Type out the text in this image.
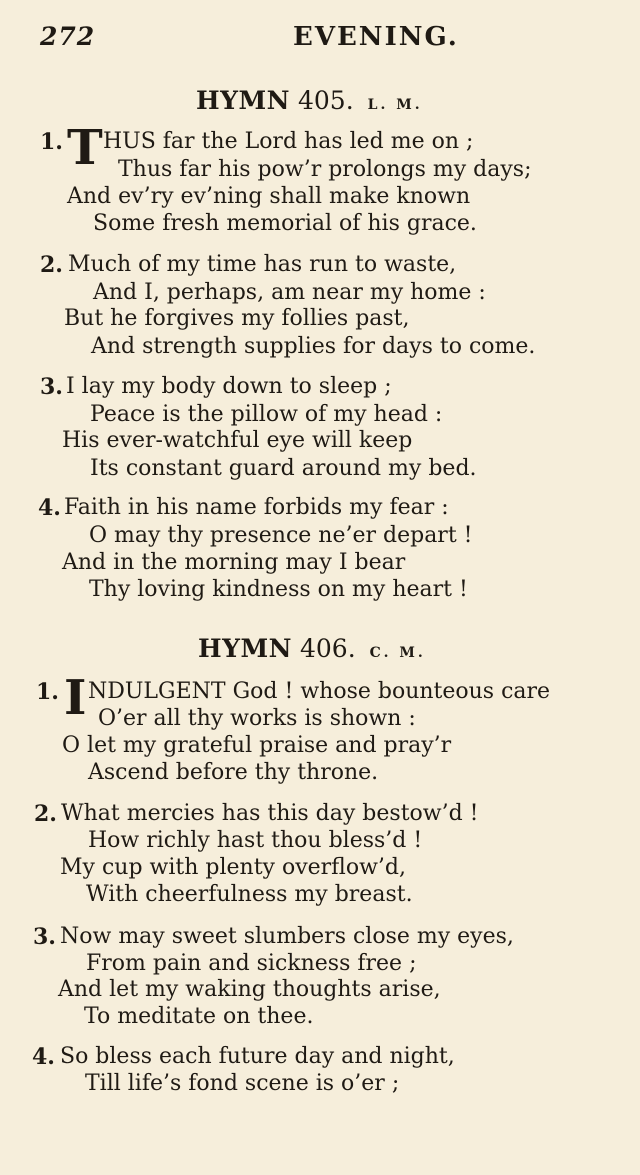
272	EVENING.
HYMN 405. L. M.
1. T HUS far the Lord has led me on ;
Thus far his pow’r prolongs my days;
And ev’ry ev’ning shall make known
Some fresh memorial of his grace.
2. Much of my time has run to waste,
And I, perhaps, am near my home :
But he forgives my follies past,
And strength supplies for days to come.
3. I lay my body down to sleep ;
Peace is the pillow of my head :
His ever-watchful eye will keep
Its constant guard around my bed.
4. Faith in his name forbids my fear :
O may thy presence ne’er depart !
And in the morning may I bear
Thy loving kindness on my heart !
HYMN 406. C. M.
1. I NDULGENT God ! whose bounteous care
O’er all thy works is shown :
O let my grateful praise and pray’r
Ascend before thy throne.
2. What mercies has this day bestow’d !
How richly hast thou bless’d !
My cup with plenty overflow’d,
With cheerfulness my breast.
3. Now may sweet slumbers close my eyes,
From pain and sickness free ;
And let my waking thoughts arise,
To meditate on thee.
4. So bless each future day and night,
Till life’s fond scene is o’er ;
